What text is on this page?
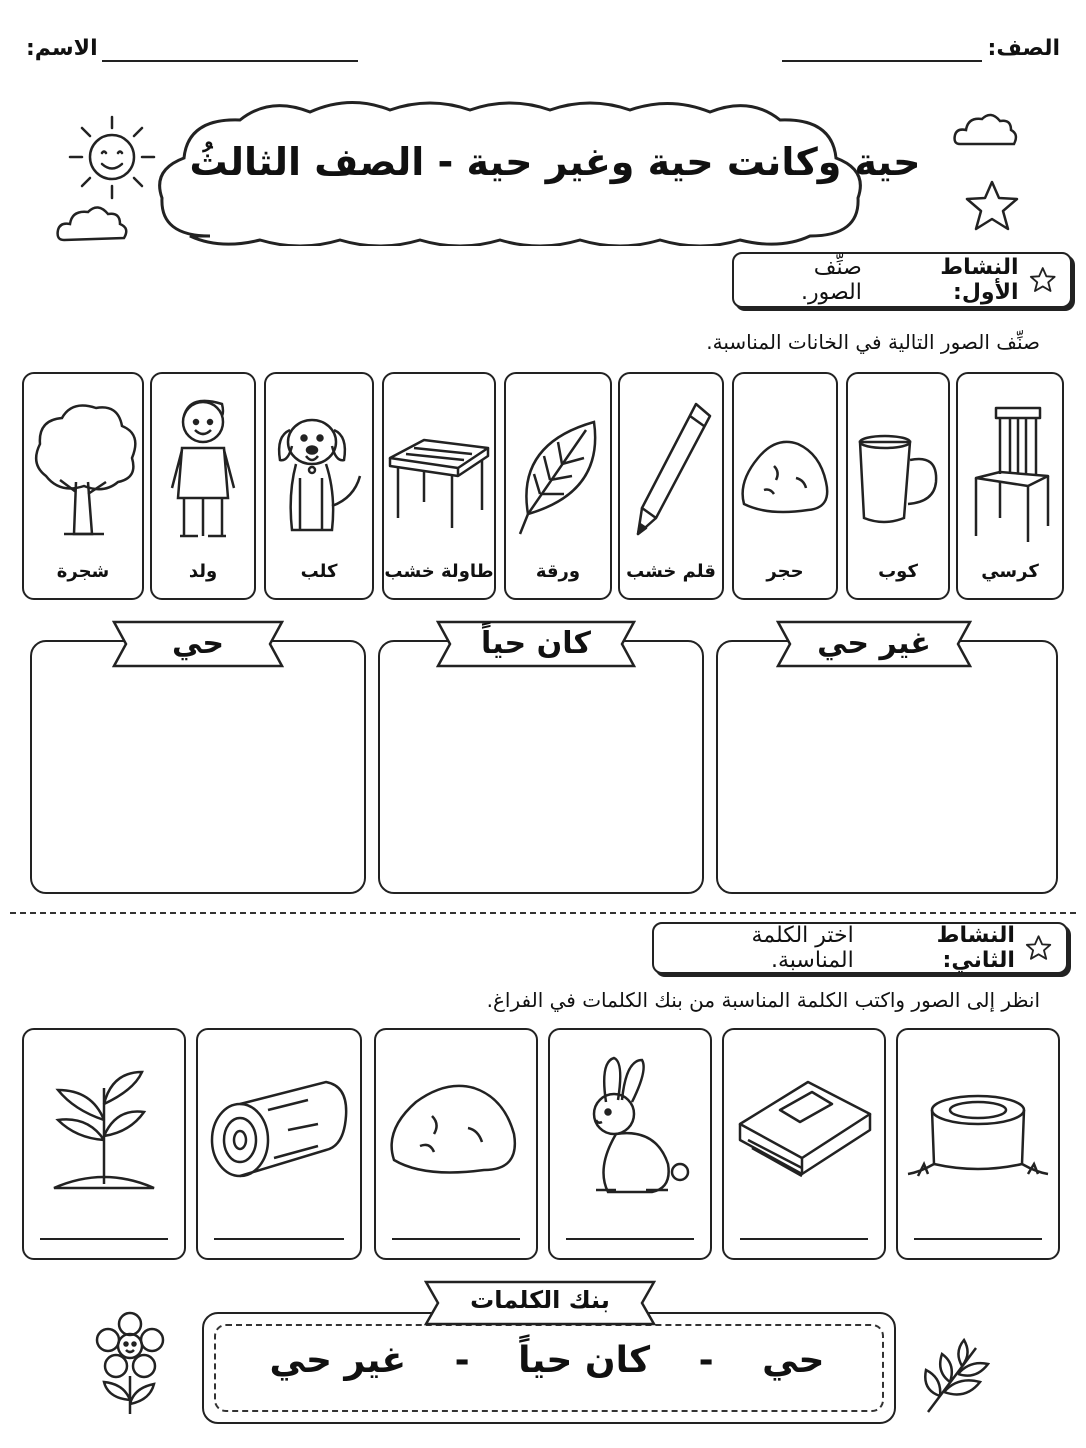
الصف:
الاسم:
حية وكانت حية وغير حية - الصف الثالثُ
النشاط الأول:
صنِّف الصور.
صنِّف الصور التالية في الخانات المناسبة.
كرسي
كوب
حجر
قلم خشب
ورقة
طاولة خشب
كلب
ولد
شجرة
غير حي
كان حياً
حي
النشاط الثاني:
اختر الكلمة المناسبة.
انظر إلى الصور واكتب الكلمة المناسبة من بنك الكلمات في الفراغ.
بنك الكلمات
حي - كان حياً - غير حي
